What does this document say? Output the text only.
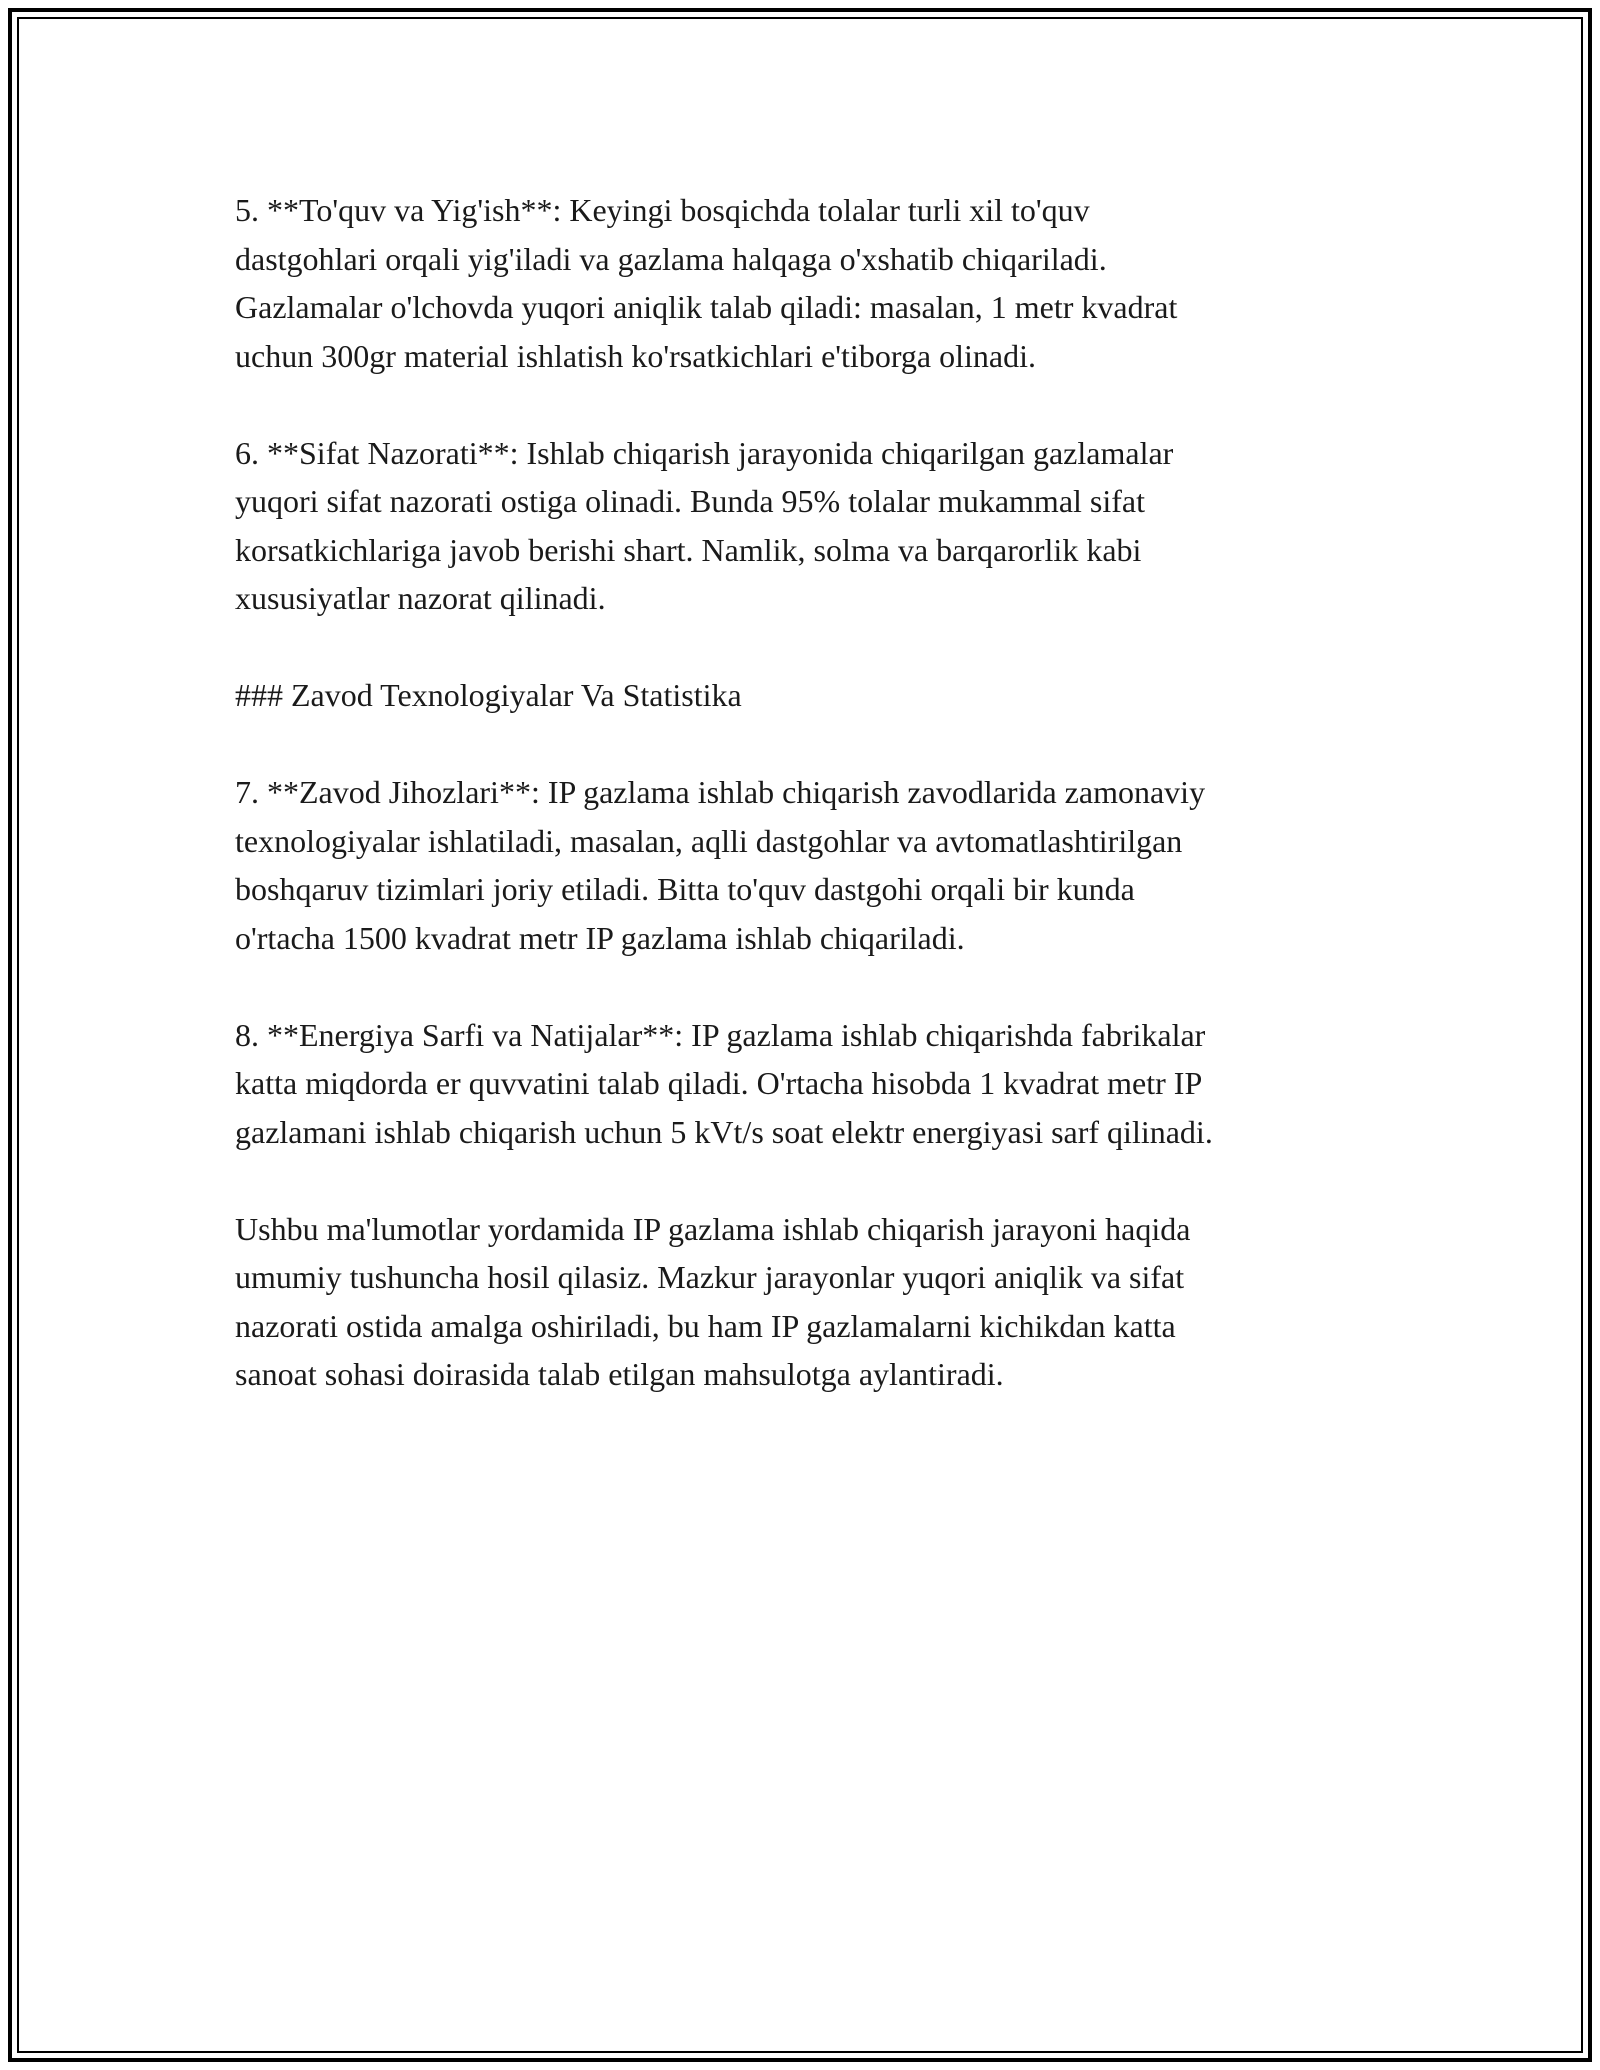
5. **To'quv va Yig'ish**: Keyingi bosqichda tolalar turli xil to'quv
dastgohlari orqali yig'iladi va gazlama halqaga o'xshatib chiqariladi.
Gazlamalar o'lchovda yuqori aniqlik talab qiladi: masalan, 1 metr kvadrat
uchun 300gr material ishlatish ko'rsatkichlari e'tiborga olinadi.

6. **Sifat Nazorati**: Ishlab chiqarish jarayonida chiqarilgan gazlamalar
yuqori sifat nazorati ostiga olinadi. Bunda 95% tolalar mukammal sifat
korsatkichlariga javob berishi shart. Namlik, solma va barqarorlik kabi
xususiyatlar nazorat qilinadi.

### Zavod Texnologiyalar Va Statistika

7. **Zavod Jihozlari**: IP gazlama ishlab chiqarish zavodlarida zamonaviy
texnologiyalar ishlatiladi, masalan, aqlli dastgohlar va avtomatlashtirilgan
boshqaruv tizimlari joriy etiladi. Bitta to'quv dastgohi orqali bir kunda
o'rtacha 1500 kvadrat metr IP gazlama ishlab chiqariladi.

8. **Energiya Sarfi va Natijalar**: IP gazlama ishlab chiqarishda fabrikalar
katta miqdorda er quvvatini talab qiladi. O'rtacha hisobda 1 kvadrat metr IP
gazlamani ishlab chiqarish uchun 5 kVt/s soat elektr energiyasi sarf qilinadi.

Ushbu ma'lumotlar yordamida IP gazlama ishlab chiqarish jarayoni haqida
umumiy tushuncha hosil qilasiz. Mazkur jarayonlar yuqori aniqlik va sifat
nazorati ostida amalga oshiriladi, bu ham IP gazlamalarni kichikdan katta
sanoat sohasi doirasida talab etilgan mahsulotga aylantiradi.
